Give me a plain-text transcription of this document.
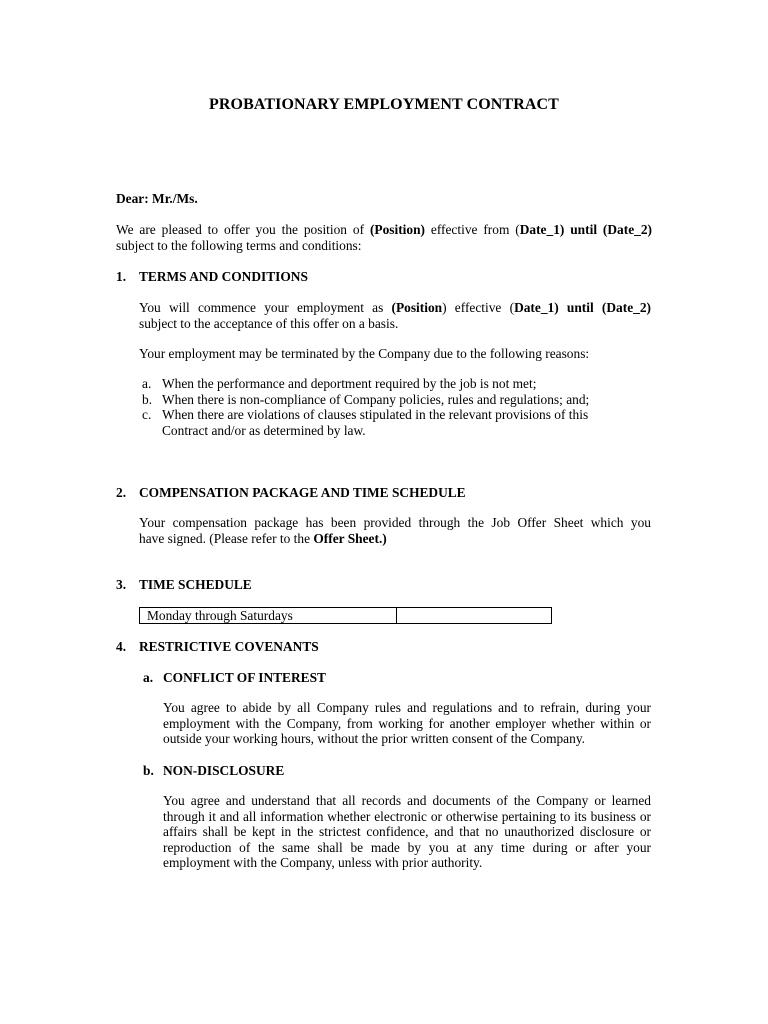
PROBATIONARY EMPLOYMENT CONTRACT
Dear: Mr./Ms.
We are pleased to offer you the position of (Position) effective from (Date_1) until (Date_2)
subject to the following terms and conditions:
1. TERMS AND CONDITIONS
You will commence your employment as (Position) effective (Date_1) until (Date_2)
subject to the acceptance of this offer on a basis.
Your employment may be terminated by the Company due to the following reasons:
a. When the performance and deportment required by the job is not met;
b. When there is non-compliance of Company policies, rules and regulations; and;
c. When there are violations of clauses stipulated in the relevant provisions of this Contract and/or as determined by law.
2. COMPENSATION PACKAGE AND TIME SCHEDULE
Your compensation package has been provided through the Job Offer Sheet which you
have signed. (Please refer to the Offer Sheet.)
3. TIME SCHEDULE
Monday through Saturdays	
4. RESTRICTIVE COVENANTS
a. CONFLICT OF INTEREST
You agree to abide by all Company rules and regulations and to refrain, during your employment with the Company, from working for another employer whether within or outside your working hours, without the prior written consent of the Company.
b. NON-DISCLOSURE
You agree and understand that all records and documents of the Company or learned through it and all information whether electronic or otherwise pertaining to its business or affairs shall be kept in the strictest confidence, and that no unauthorized disclosure or reproduction of the same shall be made by you at any time during or after your employment with the Company, unless with prior authority.
